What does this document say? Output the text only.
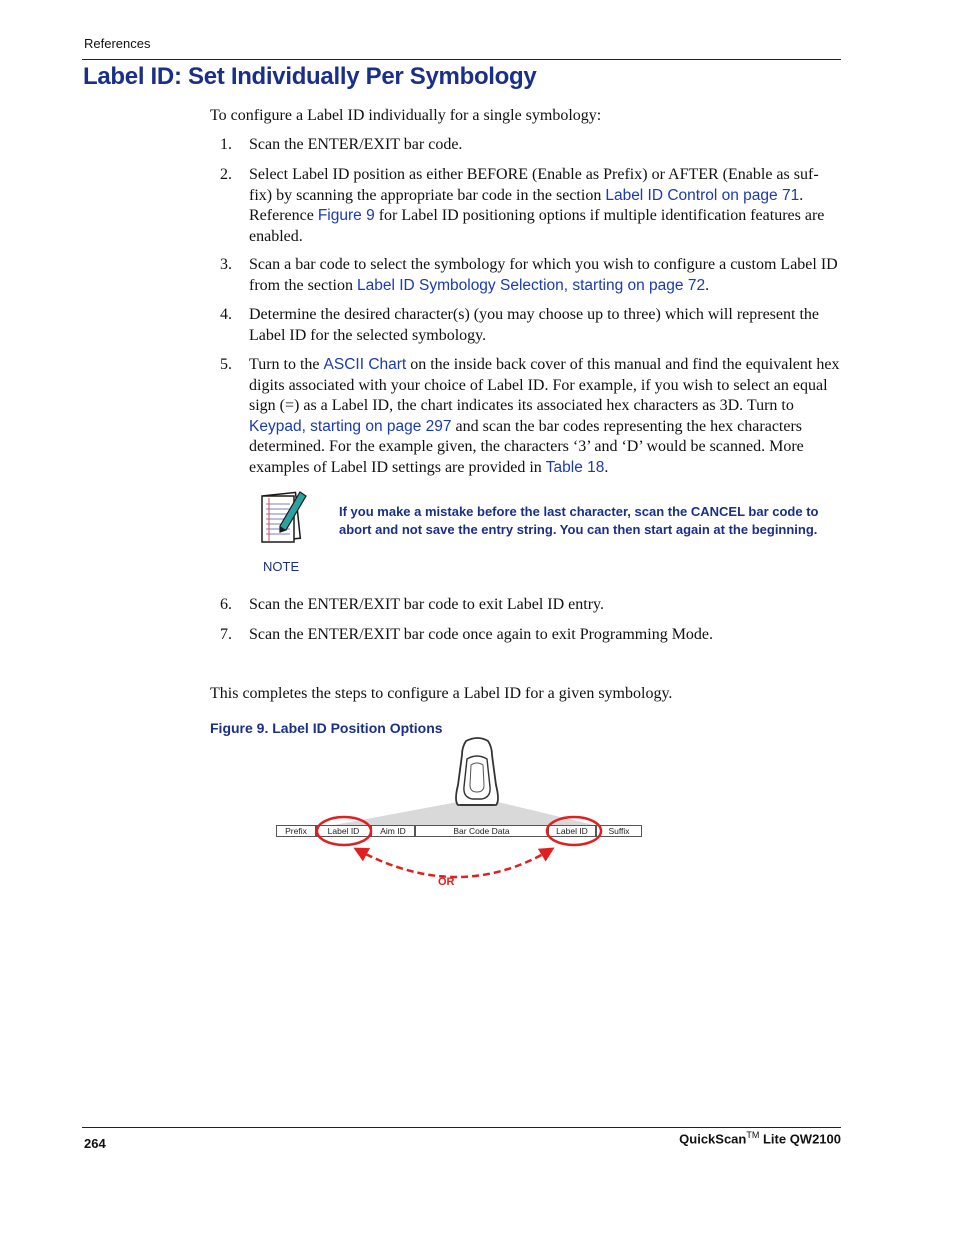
References
Label ID: Set Individually Per Symbology
To configure a Label ID individually for a single symbology:
1. Scan the ENTER/EXIT bar code.
2. Select Label ID position as either BEFORE (Enable as Prefix) or AFTER (Enable as suf-fix) by scanning the appropriate bar code in the section Label ID Control on page 71. Reference Figure 9 for Label ID positioning options if multiple identification features are enabled.
3. Scan a bar code to select the symbology for which you wish to configure a custom Label ID from the section Label ID Symbology Selection, starting on page 72.
4. Determine the desired character(s) (you may choose up to three) which will represent the Label ID for the selected symbology.
5. Turn to the ASCII Chart on the inside back cover of this manual and find the equivalent hex digits associated with your choice of Label ID. For example, if you wish to select an equal sign (=) as a Label ID, the chart indicates its associated hex characters as 3D. Turn to Keypad, starting on page 297 and scan the bar codes representing the hex characters determined. For the example given, the characters ‘3’ and ‘D’ would be scanned. More examples of Label ID settings are provided in Table 18.
NOTE
If you make a mistake before the last character, scan the CANCEL bar code to abort and not save the entry string. You can then start again at the beginning.
6. Scan the ENTER/EXIT bar code to exit Label ID entry.
7. Scan the ENTER/EXIT bar code once again to exit Programming Mode.
This completes the steps to configure a Label ID for a given symbology.
Figure 9. Label ID Position Options
Prefix	Label ID	Aim ID	Bar Code Data	Label ID	Suffix
OR
264	QuickScan™ Lite QW2100
